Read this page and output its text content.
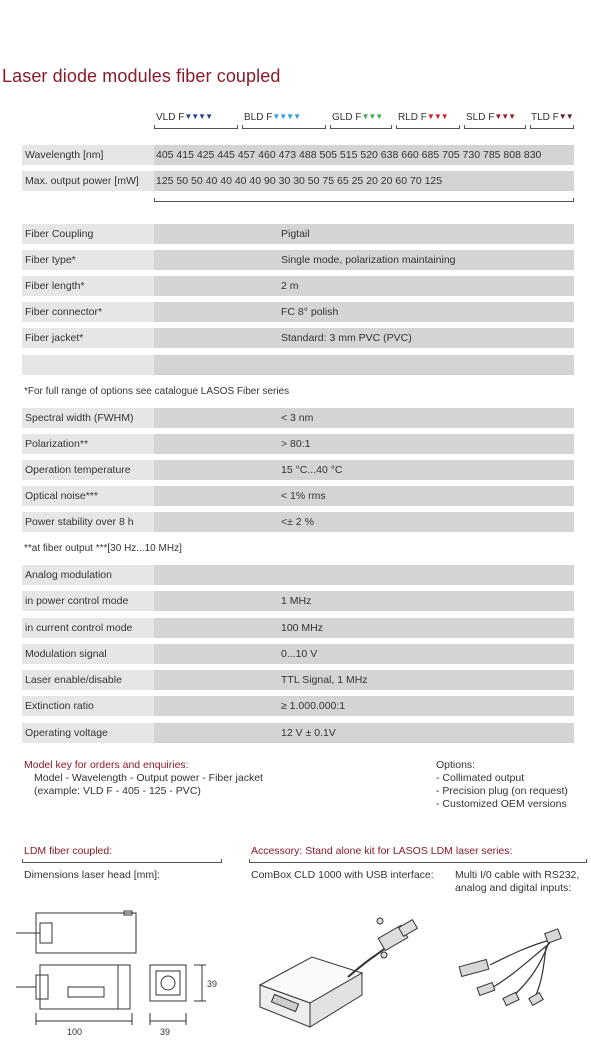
Laser diode modules fiber coupled
VLD F▼▼▼▼	BLD F▼▼▼▼	GLD F▼▼▼ RLD F▼▼▼ SLD F▼▼▼ TLD F▼▼
Wavelength [nm]	405 415 425 445 457 460 473 488 505 515 520 638 660 685 705 730 785 808 830
Max. output power [mW] 125 50 50 40 40 40 40 90 30 30 50 75 65 25 20 20 60 70 125
Fiber Coupling	Pigtail
Fiber type*	Single mode, polarization maintaining
Fiber length*	2 m
Fiber connector*	FC 8° polish
Fiber jacket*	Standard: 3 mm PVC (PVC)
*For full range of options see catalogue LASOS Fiber series
Spectral width (FWHM)	< 3 nm
Polarization**	> 80:1
Operation temperature	15 °C...40 °C
Optical noise***	< 1% rms
Power stability over 8 h	<± 2 %
**at fiber output ***[30 Hz...10 MHz]
Analog modulation
in power control mode	1 MHz
in current control mode	100 MHz
Modulation signal	0...10 V
Laser enable/disable	TTL Signal, 1 MHz
Extinction ratio	≥ 1.000.000:1
Operating voltage	12 V ± 0.1V
Model key for orders and enquiries:
Model - Wavelength - Output power - Fiber jacket
(example: VLD F - 405 - 125 - PVC)
Options:
- Collimated output
- Precision plug (on request)
- Customized OEM versions
LDM fiber coupled:
Dimensions laser head [mm]:
Accessory: Stand alone kit for LASOS LDM laser series:
ComBox CLD 1000 with USB interface: Multi I/0 cable with RS232, analog and digital inputs:
100	39
39
